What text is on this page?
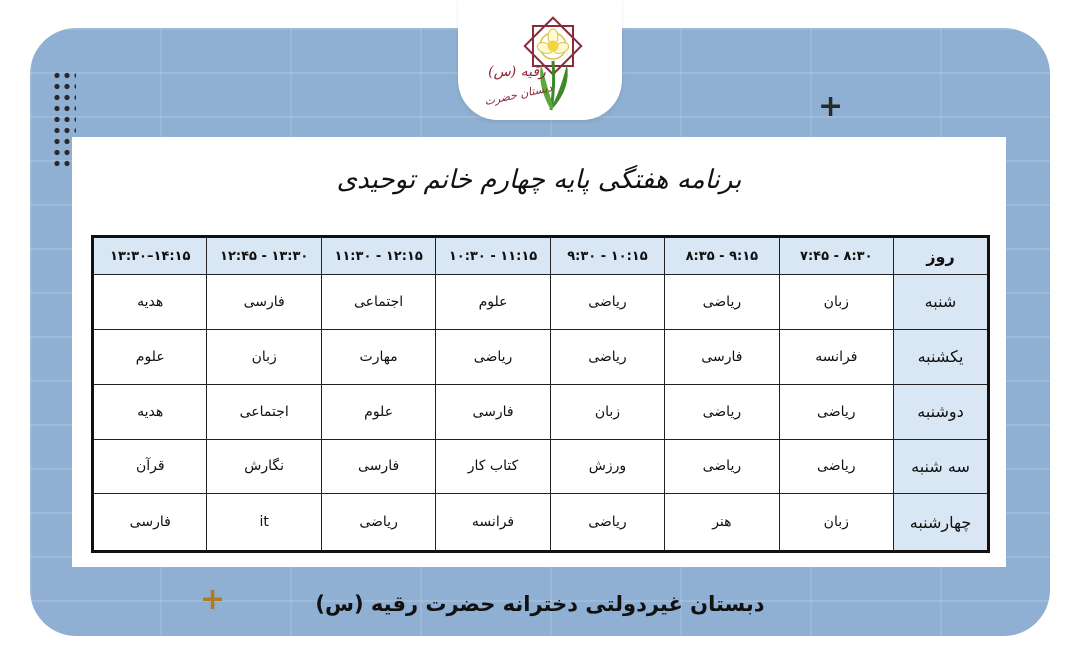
+
+
رقیه (س)
دبستان حضرت
برنامه هفتگی پایه چهارم خانم توحیدی
روز	۸:۳۰ - ۷:۴۵	۹:۱۵ - ۸:۳۵	۱۰:۱۵ - ۹:۳۰	۱۱:۱۵ - ۱۰:۳۰	۱۲:۱۵ - ۱۱:۳۰	۱۳:۳۰ - ۱۲:۴۵	۱۴:۱۵–۱۳:۳۰
شنبه	زبان	ریاضی	ریاضی	علوم	اجتماعی	فارسی	هدیه
یکشنبه	فرانسه	فارسی	ریاضی	ریاضی	مهارت	زبان	علوم
دوشنبه	ریاضی	ریاضی	زبان	فارسی	علوم	اجتماعی	هدیه
سه شنبه	ریاضی	ریاضی	ورزش	کتاب کار	فارسی	نگارش	قرآن
چهارشنبه	زبان	هنر	ریاضی	فرانسه	ریاضی	it	فارسی
دبستان غیردولتی دخترانه حضرت رقیه (س)
